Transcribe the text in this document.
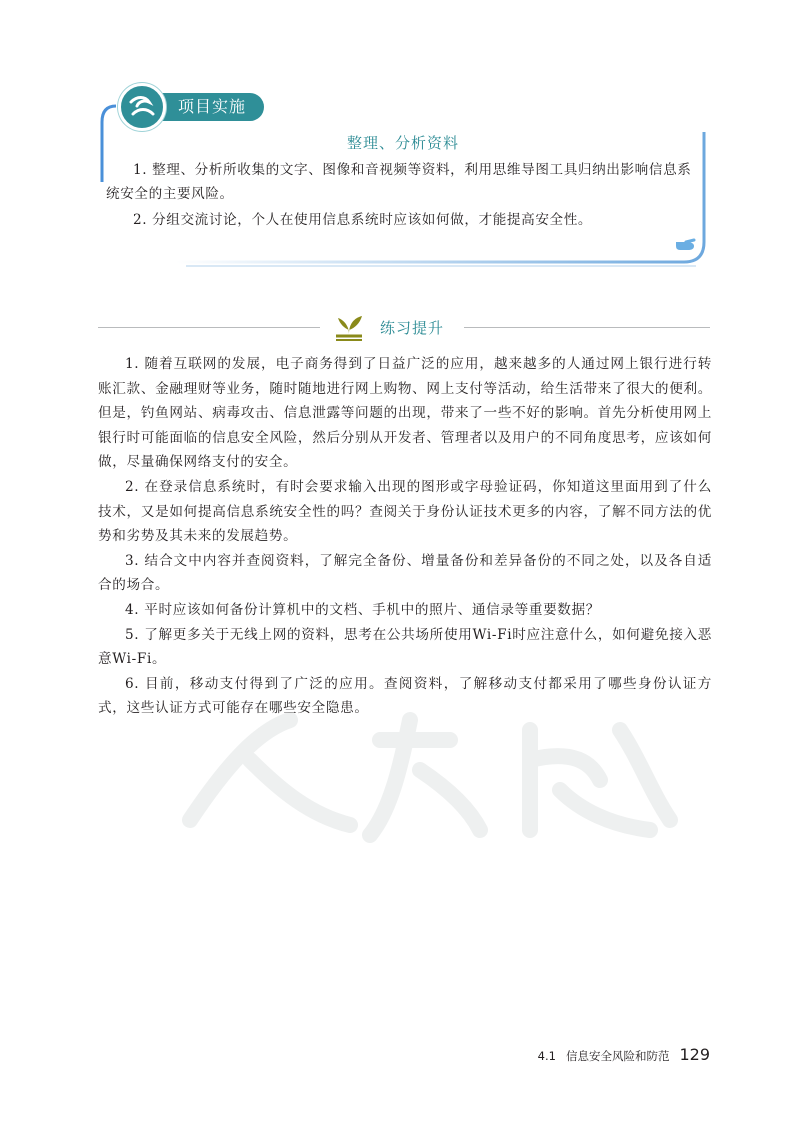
项目实施
整理、分析资料

1. 整理、分析所收集的文字、图像和音视频等资料，利用思维导图工具归纳出影响信息系统安全的主要风险。

2. 分组交流讨论，个人在使用信息系统时应该如何做，才能提高安全性。

练习提升

1. 随着互联网的发展，电子商务得到了日益广泛的应用，越来越多的人通过网上银行进行转账汇款、金融理财等业务，随时随地进行网上购物、网上支付等活动，给生活带来了很大的便利。但是，钓鱼网站、病毒攻击、信息泄露等问题的出现，带来了一些不好的影响。首先分析使用网上银行时可能面临的信息安全风险，然后分别从开发者、管理者以及用户的不同角度思考，应该如何做，尽量确保网络支付的安全。

2. 在登录信息系统时，有时会要求输入出现的图形或字母验证码，你知道这里面用到了什么技术，又是如何提高信息系统安全性的吗？查阅关于身份认证技术更多的内容，了解不同方法的优势和劣势及其未来的发展趋势。

3. 结合文中内容并查阅资料，了解完全备份、增量备份和差异备份的不同之处，以及各自适合的场合。

4. 平时应该如何备份计算机中的文档、手机中的照片、通信录等重要数据？

5. 了解更多关于无线上网的资料，思考在公共场所使用Wi-Fi时应注意什么，如何避免接入恶意Wi-Fi。

6. 目前，移动支付得到了广泛的应用。查阅资料，了解移动支付都采用了哪些身份认证方式，这些认证方式可能存在哪些安全隐患。

4.1 信息安全风险和防范 129
